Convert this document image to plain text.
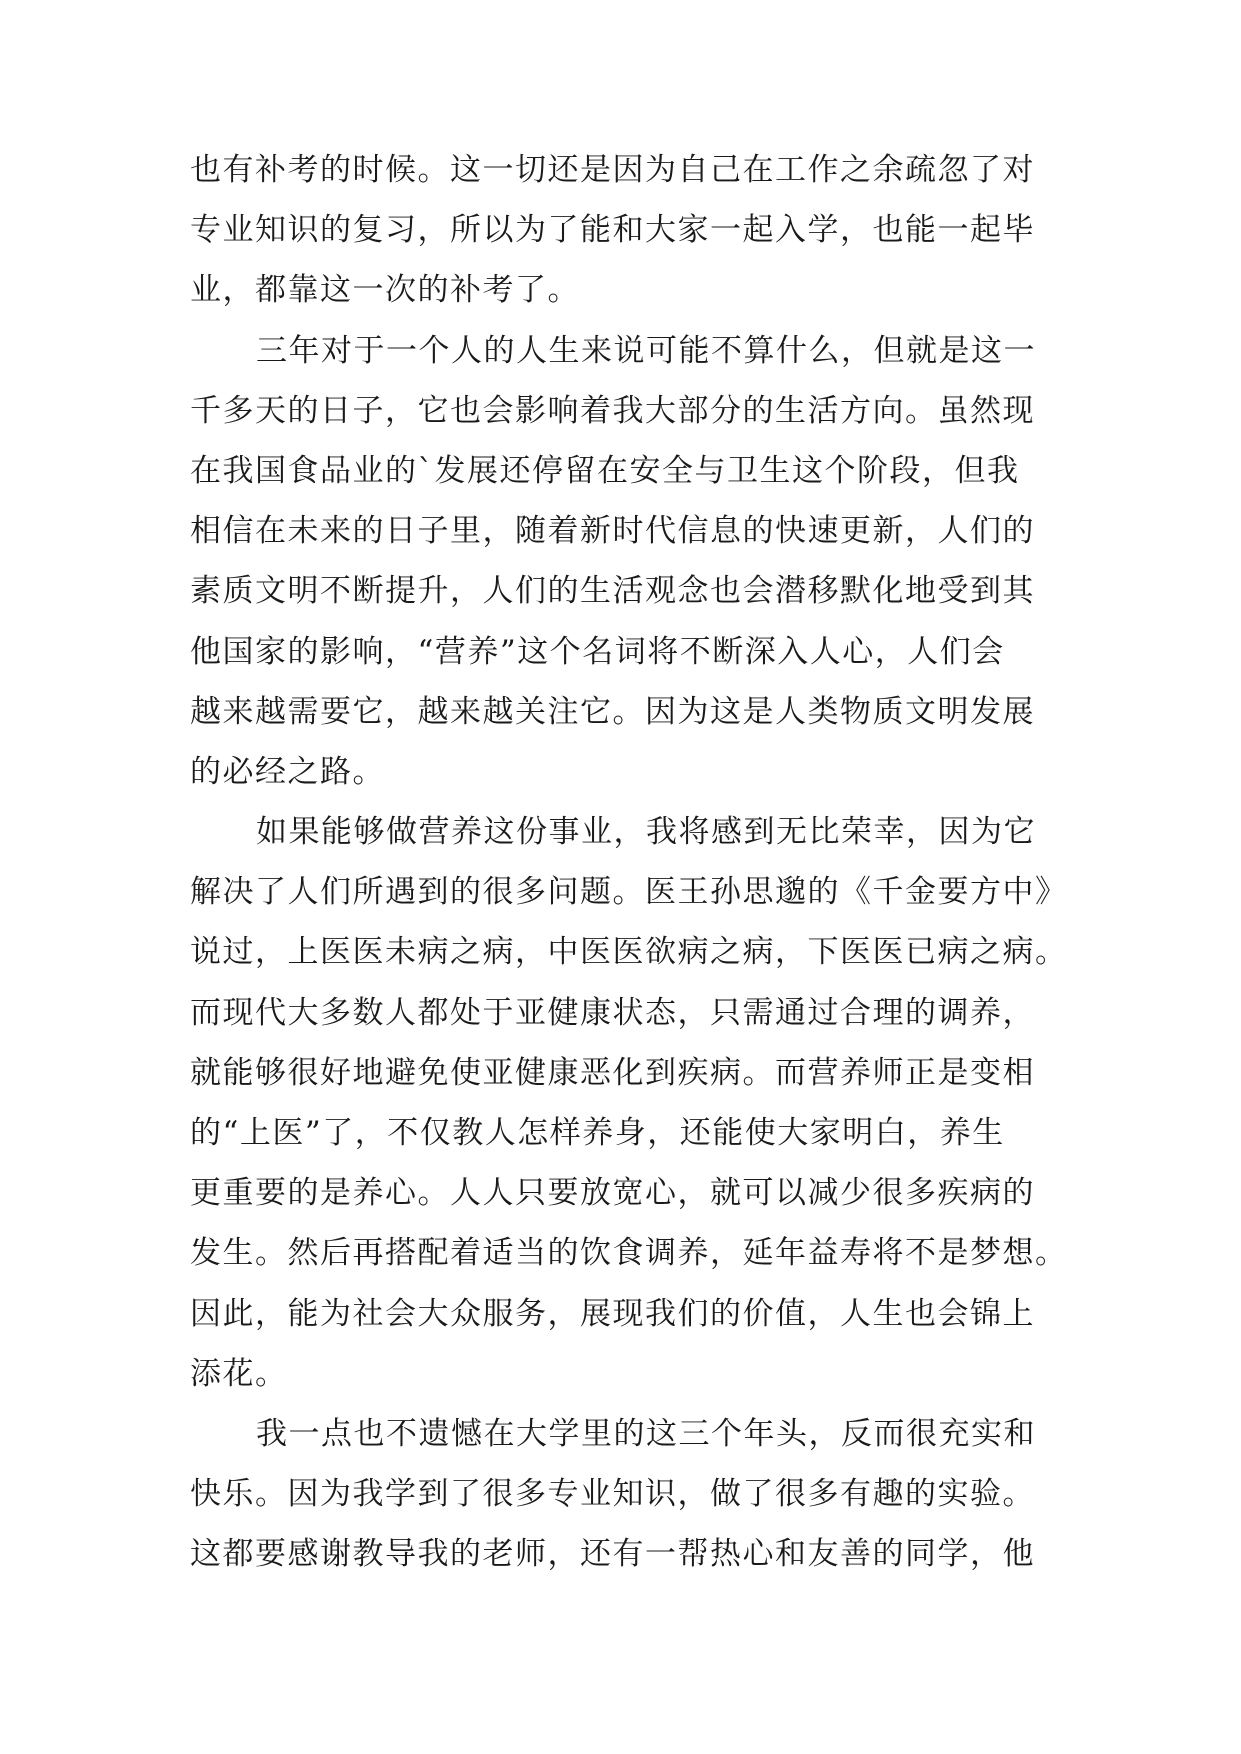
也有补考的时候。这一切还是因为自己在工作之余疏忽了对
专业知识的复习，所以为了能和大家一起入学，也能一起毕
业，都靠这一次的补考了。
三年对于一个人的人生来说可能不算什么，但就是这一
千多天的日子，它也会影响着我大部分的生活方向。虽然现
在我国食品业的`发展还停留在安全与卫生这个阶段，但我
相信在未来的日子里，随着新时代信息的快速更新，人们的
素质文明不断提升，人们的生活观念也会潜移默化地受到其
他国家的影响，“营养”这个名词将不断深入人心，人们会
越来越需要它，越来越关注它。因为这是人类物质文明发展
的必经之路。
如果能够做营养这份事业，我将感到无比荣幸，因为它
解决了人们所遇到的很多问题。医王孙思邈的《千金要方中》
说过，上医医未病之病，中医医欲病之病，下医医已病之病。
而现代大多数人都处于亚健康状态，只需通过合理的调养，
就能够很好地避免使亚健康恶化到疾病。而营养师正是变相
的“上医”了，不仅教人怎样养身，还能使大家明白，养生
更重要的是养心。人人只要放宽心，就可以减少很多疾病的
发生。然后再搭配着适当的饮食调养，延年益寿将不是梦想。
因此，能为社会大众服务，展现我们的价值，人生也会锦上
添花。
我一点也不遗憾在大学里的这三个年头，反而很充实和
快乐。因为我学到了很多专业知识，做了很多有趣的实验。
这都要感谢教导我的老师，还有一帮热心和友善的同学，他
